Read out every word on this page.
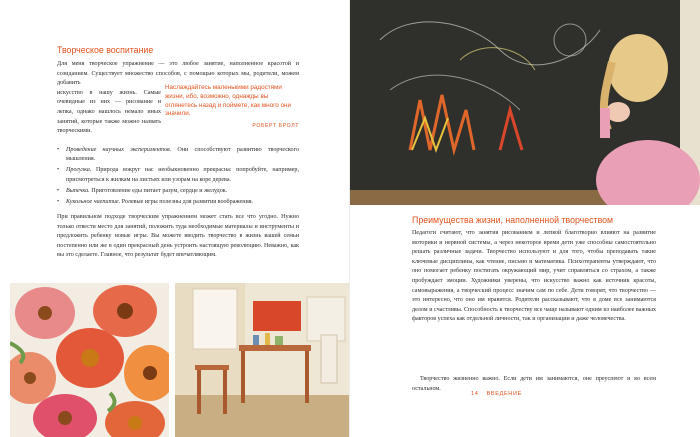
Творческое воспитание
Для меня творческое упражнение — это любое занятие, наполненное красотой и созиданием. Существует множество способов, с помощью которых мы, родители, можем добавить
искусство в нашу жизнь. Самые очевидные из них — рисование и лепка, однако нашлось немало иных занятий, которые также можно назвать творческими.

Наслаждайтесь маленькими радостями жизни, ибо, возможно, однажды вы оглянетесь назад и поймете, как много они значили.

РОБЕРТ БРОЛТ
• Проведение научных экспериментов. Они способствуют развитию творческого мышления.
• Прогулка. Природа вокруг нас необыкновенно прекрасна: попробуйте, например, присмотреться к жилкам на листьях или узорам на коре дерева.
• Выпечка. Приготовление еды питает разум, сердце и желудок.
• Кукольное чаепитие. Ролевые игры полезны для развития воображения.

При правильном подходе творческим упражнением может стать все что угодно. Нужно только отвести место для занятий, положить туда необходимые материалы и инструменты и предложить ребенку новые игры. Вы можете вводить творчество в жизнь вашей семьи постепенно или же в один прекрасный день устроить настоящую революцию. Неважно, как вы это сделаете. Главное, что результат будет впечатляющим.

Преимущества жизни, наполненной творчеством

Педагоги считают, что занятия рисованием и лепкой благотворно влияют на развитие моторики и нервной системы, а через некоторое время дети уже способны самостоятельно решать различные задачи. Творчество используют и для того, чтобы преподавать такие ключевые дисциплины, как чтение, письмо и математика. Психотерапевты утверждают, что оно помогает ребенку постигать окружающий мир, учит справляться со страхом, а также пробуждает эмоции. Художники уверены, что искусство важно как источник красоты, самовыражения, а творческий процесс значим сам по себе. Дети говорят, что творчество — это интересно, что оно им нравится. Родители рассказывают, что в доме все занимаются делом и счастливы. Способность к творчеству все чаще называют одним из наиболее важных факторов успеха как отдельной личности, так и организации и даже человечества.

Творчество жизненно важно. Если дети им занимаются, оне преуспеют и во всем остальном.

14 ВВЕДЕНИЕ
